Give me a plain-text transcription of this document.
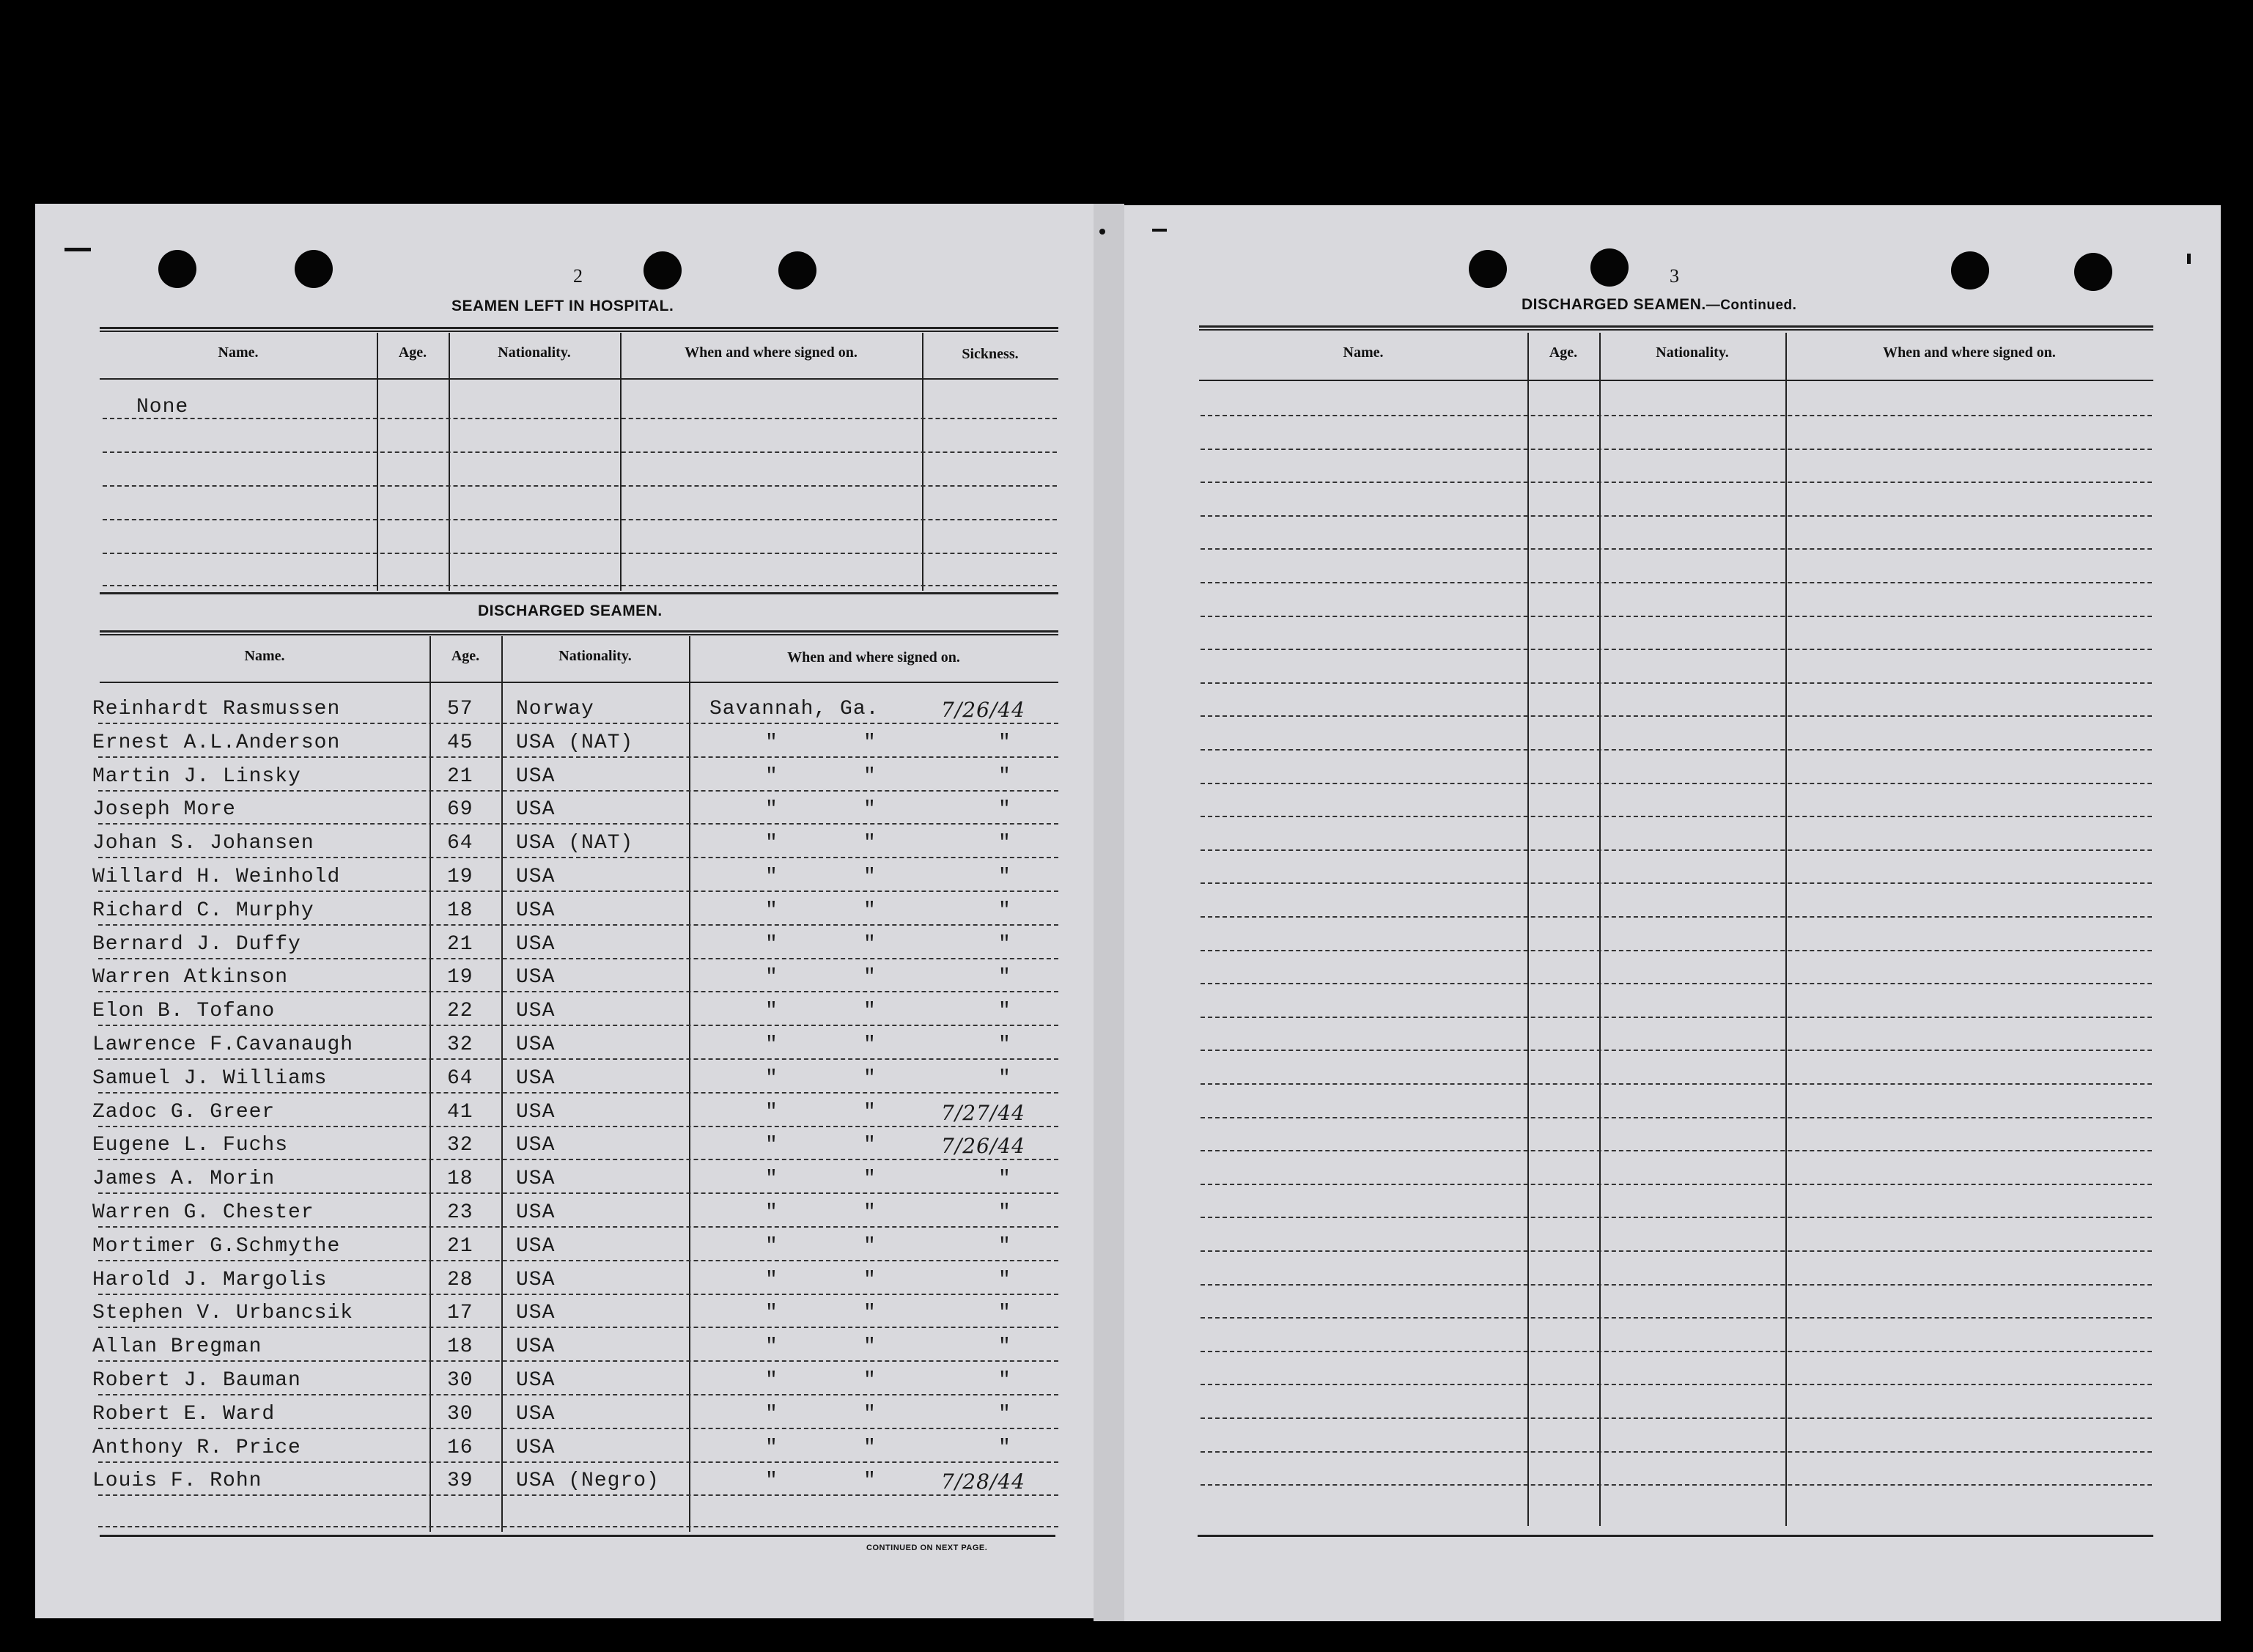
2
SEAMEN LEFT IN HOSPITAL.
Name.	Age.	Nationality.	When and where signed on.	Sickness.
None
DISCHARGED SEAMEN.
Name.	Age.	Nationality.	When and where signed on.
Reinhardt Rasmussen	57 Norway	Savannah, Ga.	7/26/44
Ernest A.L.Anderson	45 USA (NAT)	"	"	"
Martin J. Linsky	21 USA	"	"	"
Joseph More	69 USA	"	"	"
Johan S. Johansen	64 USA (NAT)	"	"	"
Willard H. Weinhold	19 USA	"	"	"
Richard C. Murphy	18 USA	"	"	"
Bernard J. Duffy	21 USA	"	"	"
Warren Atkinson	19 USA	"	"	"
Elon B. Tofano	22 USA	"	"	"
Lawrence F.Cavanaugh	32 USA	"	"	"
Samuel J. Williams	64 USA	"	"	"
Zadoc G. Greer	41 USA	"	"	7/27/44
Eugene L. Fuchs	32 USA	"	"	7/26/44
James A. Morin	18 USA	"	"	"
Warren G. Chester	23 USA	"	"	"
Mortimer G.Schmythe	21 USA	"	"	"
Harold J. Margolis	28 USA	"	"	"
Stephen V. Urbancsik	17 USA	"	"	"
Allan Bregman	18 USA	"	"	"
Robert J. Bauman	30 USA	"	"	"
Robert E. Ward	30 USA	"	"	"
Anthony R. Price	16 USA	"	"	"
Louis F. Rohn	39 USA (Negro)	"	"	7/28/44
CONTINUED ON NEXT PAGE.
3
DISCHARGED SEAMEN.—Continued.
Name.	Age.	Nationality.	When and where signed on.
